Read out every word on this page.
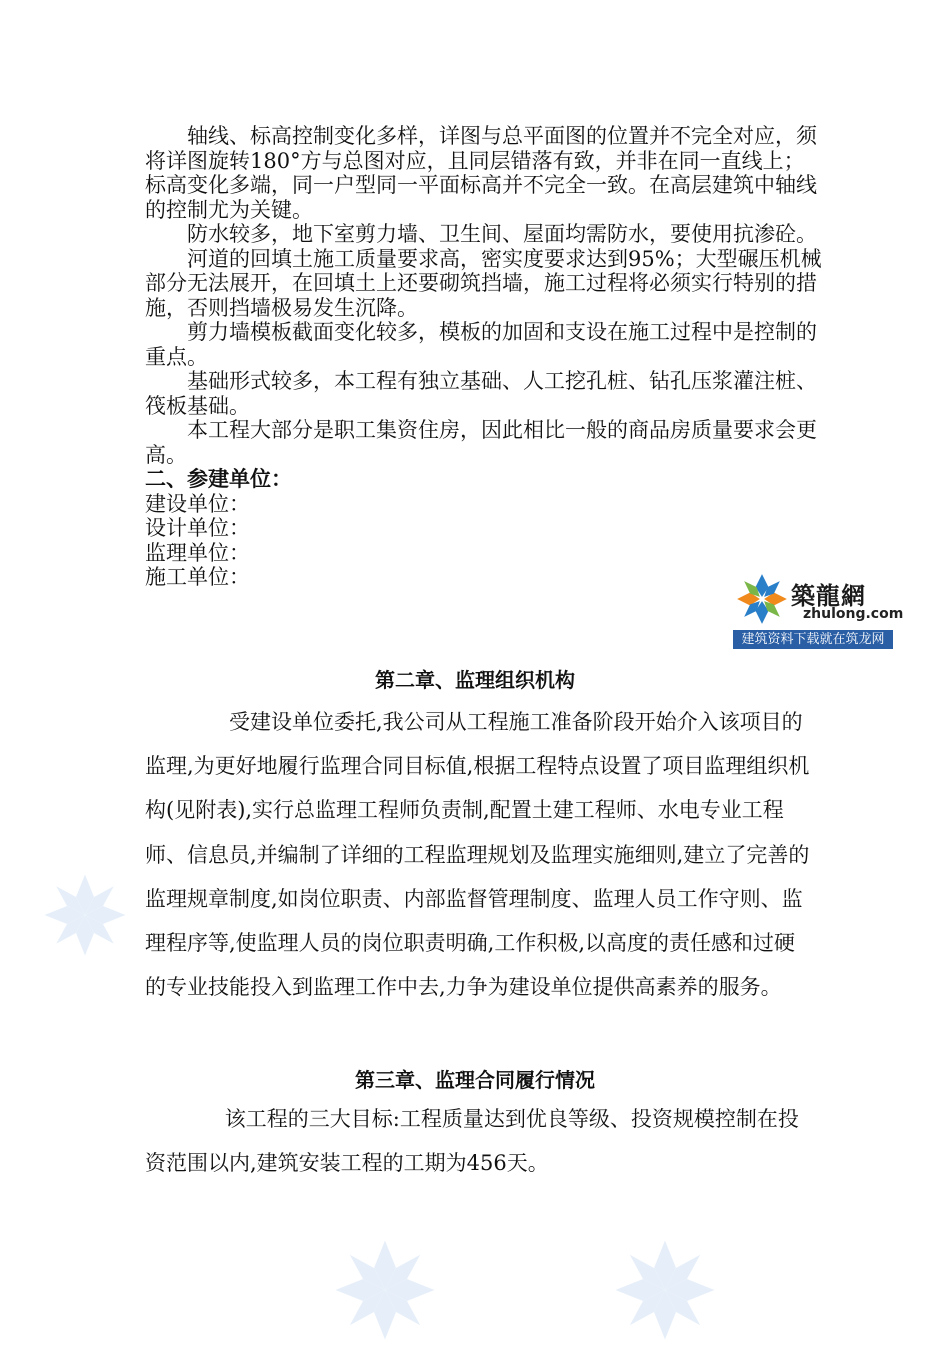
轴线、标高控制变化多样，详图与总平面图的位置并不完全对应，须将详图旋转180°方与总图对应，且同层错落有致，并非在同一直线上；标高变化多端，同一户型同一平面标高并不完全一致。在高层建筑中轴线的控制尤为关键。

防水较多，地下室剪力墙、卫生间、屋面均需防水，要使用抗渗砼。

河道的回填土施工质量要求高，密实度要求达到95%；大型碾压机械部分无法展开，在回填土上还要砌筑挡墙，施工过程将必须实行特别的措施，否则挡墙极易发生沉降。

剪力墙模板截面变化较多，模板的加固和支设在施工过程中是控制的重点。

基础形式较多，本工程有独立基础、人工挖孔桩、钻孔压浆灌注桩、筏板基础。

本工程大部分是职工集资住房，因此相比一般的商品房质量要求会更高。

二、参建单位：
建设单位：
设计单位：
监理单位：
施工单位：
築龍網
zhulong.com
建筑资料下载就在筑龙网
第二章、监理组织机构

受建设单位委托,我公司从工程施工准备阶段开始介入该项目的监理,为更好地履行监理合同目标值,根据工程特点设置了项目监理组织机构(见附表),实行总监理工程师负责制,配置土建工程师、水电专业工程师、信息员,并编制了详细的工程监理规划及监理实施细则,建立了完善的监理规章制度,如岗位职责、内部监督管理制度、监理人员工作守则、监理程序等,使监理人员的岗位职责明确,工作积极,以高度的责任感和过硬的专业技能投入到监理工作中去,力争为建设单位提供高素养的服务。

第三章、监理合同履行情况

该工程的三大目标:工程质量达到优良等级、投资规模控制在投资范围以内,建筑安装工程的工期为456天。
